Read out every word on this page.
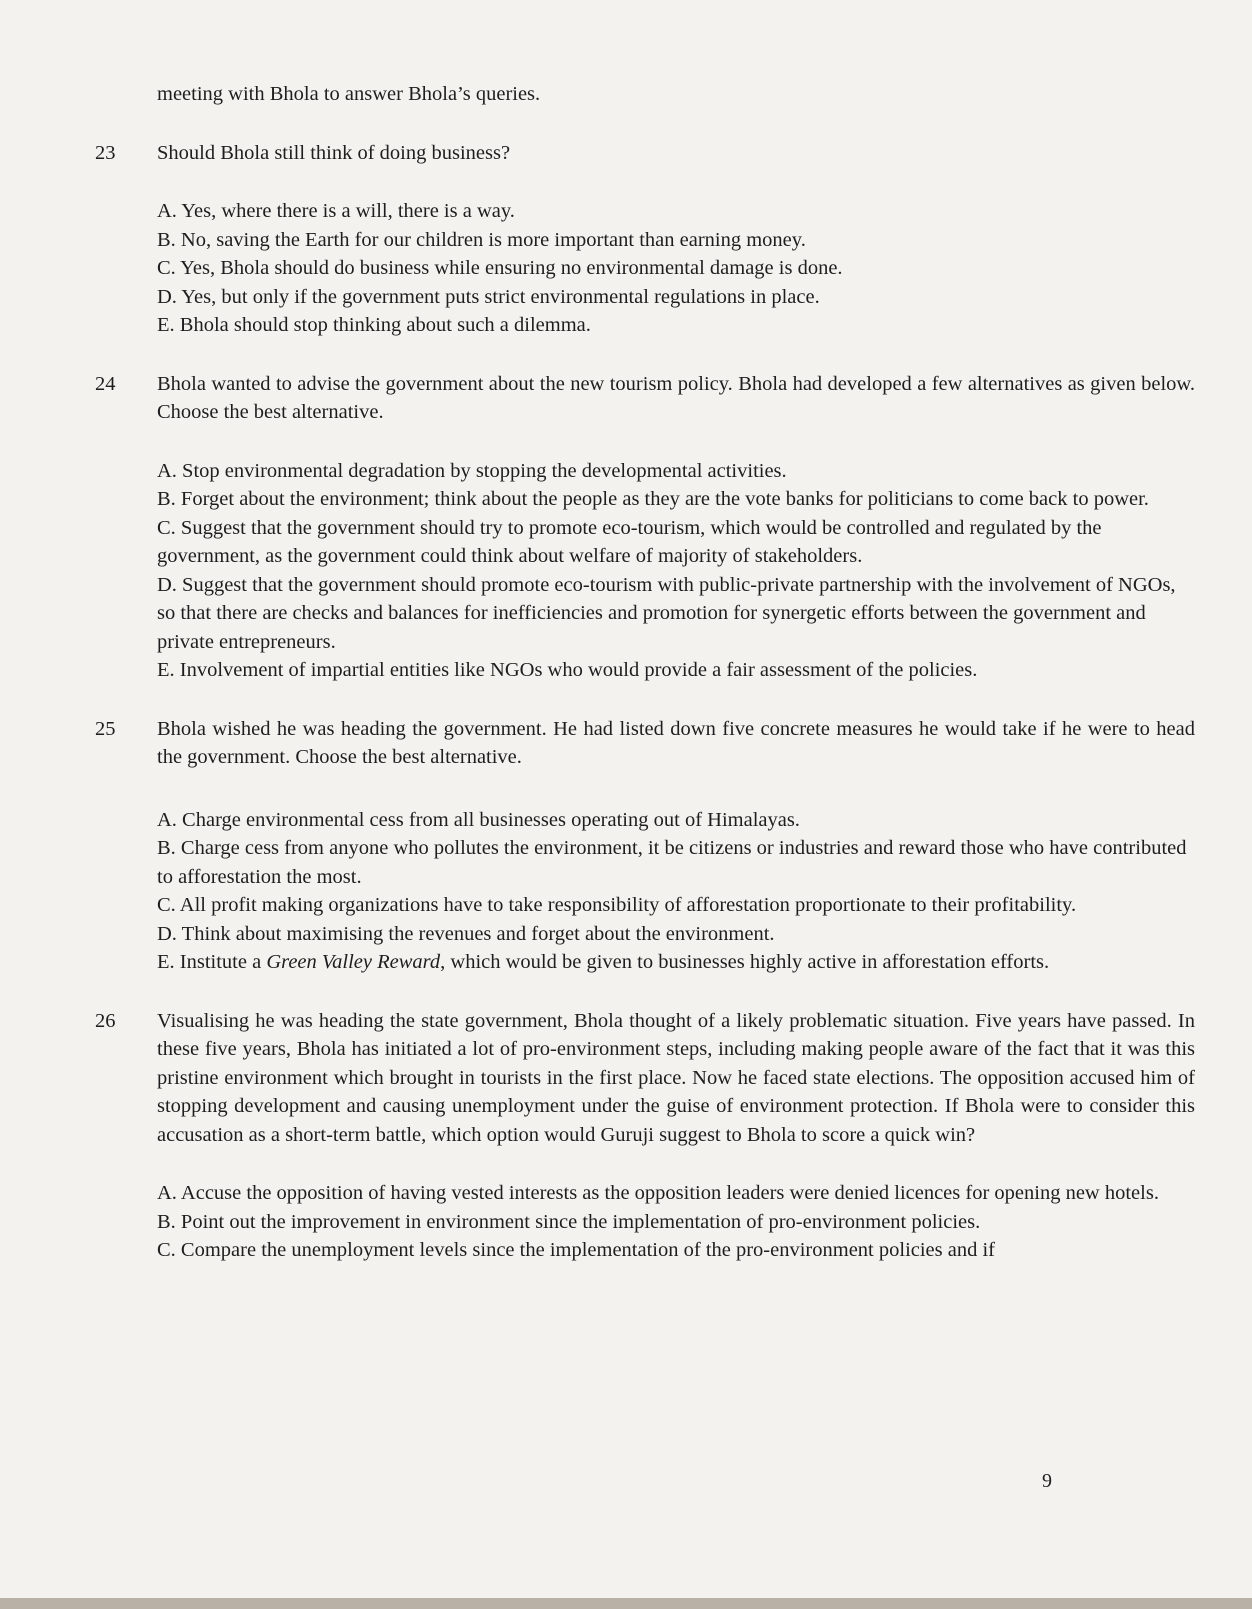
meeting with Bhola to answer Bhola’s queries.
23	Should Bhola still think of doing business?
A. Yes, where there is a will, there is a way.
B. No, saving the Earth for our children is more important than earning money.
C. Yes, Bhola should do business while ensuring no environmental damage is done.
D. Yes, but only if the government puts strict environmental regulations in place.
E. Bhola should stop thinking about such a dilemma.
24	Bhola wanted to advise the government about the new tourism policy. Bhola had developed a few alternatives as given below. Choose the best alternative.
A. Stop environmental degradation by stopping the developmental activities.
B. Forget about the environment; think about the people as they are the vote banks for politicians to come back to power.
C. Suggest that the government should try to promote eco-tourism, which would be controlled and regulated by the government, as the government could think about welfare of majority of stakeholders.
D. Suggest that the government should promote eco-tourism with public-private partnership with the involvement of NGOs, so that there are checks and balances for inefficiencies and promotion for synergetic efforts between the government and private entrepreneurs.
E. Involvement of impartial entities like NGOs who would provide a fair assessment of the policies.
25	Bhola wished he was heading the government. He had listed down five concrete measures he would take if he were to head the government. Choose the best alternative.
A. Charge environmental cess from all businesses operating out of Himalayas.
B. Charge cess from anyone who pollutes the environment, it be citizens or industries and reward those who have contributed to afforestation the most.
C. All profit making organizations have to take responsibility of afforestation proportionate to their profitability.
D. Think about maximising the revenues and forget about the environment.
E. Institute a Green Valley Reward, which would be given to businesses highly active in afforestation efforts.
26	Visualising he was heading the state government, Bhola thought of a likely problematic situation. Five years have passed. In these five years, Bhola has initiated a lot of pro-environment steps, including making people aware of the fact that it was this pristine environment which brought in tourists in the first place. Now he faced state elections. The opposition accused him of stopping development and causing unemployment under the guise of environment protection. If Bhola were to consider this accusation as a short-term battle, which option would Guruji suggest to Bhola to score a quick win?
A. Accuse the opposition of having vested interests as the opposition leaders were denied licences for opening new hotels.
B. Point out the improvement in environment since the implementation of pro-environment policies.
C. Compare the unemployment levels since the implementation of the pro-environment policies and if
9
